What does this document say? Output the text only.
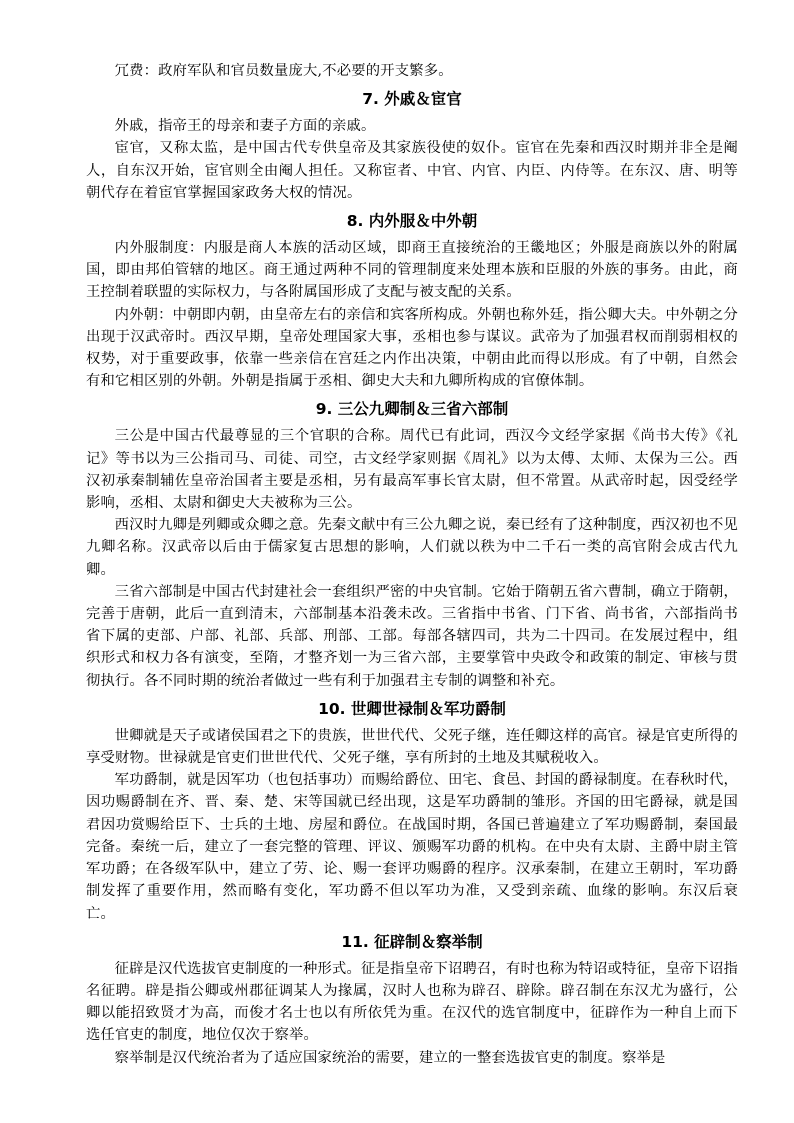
冗费：政府军队和官员数量庞大,不必要的开支繁多。

7. 外戚＆宦官

外戚，指帝王的母亲和妻子方面的亲戚。

宦官，又称太监，是中国古代专供皇帝及其家族役使的奴仆。宦官在先秦和西汉时期并非全是阉人，自东汉开始，宦官则全由阉人担任。又称宦者、中官、内官、内臣、内侍等。在东汉、唐、明等朝代存在着宦官掌握国家政务大权的情况。

8. 内外服＆中外朝

内外服制度：内服是商人本族的活动区域，即商王直接统治的王畿地区；外服是商族以外的附属国，即由邦伯管辖的地区。商王通过两种不同的管理制度来处理本族和臣服的外族的事务。由此，商王控制着联盟的实际权力，与各附属国形成了支配与被支配的关系。

内外朝：中朝即内朝，由皇帝左右的亲信和宾客所构成。外朝也称外廷，指公卿大夫。中外朝之分出现于汉武帝时。西汉早期，皇帝处理国家大事，丞相也参与谋议。武帝为了加强君权而削弱相权的权势，对于重要政事，依靠一些亲信在宫廷之内作出决策，中朝由此而得以形成。有了中朝，自然会有和它相区别的外朝。外朝是指属于丞相、御史大夫和九卿所构成的官僚体制。

9. 三公九卿制＆三省六部制

三公是中国古代最尊显的三个官职的合称。周代已有此词，西汉今文经学家据《尚书大传》《礼记》等书以为三公指司马、司徒、司空，古文经学家则据《周礼》以为太傅、太师、太保为三公。西汉初承秦制辅佐皇帝治国者主要是丞相，另有最高军事长官太尉，但不常置。从武帝时起，因受经学影响，丞相、太尉和御史大夫被称为三公。

西汉时九卿是列卿或众卿之意。先秦文献中有三公九卿之说，秦已经有了这种制度，西汉初也不见九卿名称。汉武帝以后由于儒家复古思想的影响，人们就以秩为中二千石一类的高官附会成古代九卿。

三省六部制是中国古代封建社会一套组织严密的中央官制。它始于隋朝五省六曹制，确立于隋朝，完善于唐朝，此后一直到清末，六部制基本沿袭未改。三省指中书省、门下省、尚书省，六部指尚书省下属的吏部、户部、礼部、兵部、刑部、工部。每部各辖四司，共为二十四司。在发展过程中，组织形式和权力各有演变，至隋，才整齐划一为三省六部，主要掌管中央政令和政策的制定、审核与贯彻执行。各不同时期的统治者做过一些有利于加强君主专制的调整和补充。

10. 世卿世禄制＆军功爵制

世卿就是天子或诸侯国君之下的贵族，世世代代、父死子继，连任卿这样的高官。禄是官吏所得的享受财物。世禄就是官吏们世世代代、父死子继，享有所封的土地及其赋税收入。

军功爵制，就是因军功（也包括事功）而赐给爵位、田宅、食邑、封国的爵禄制度。在春秋时代，因功赐爵制在齐、晋、秦、楚、宋等国就已经出现，这是军功爵制的雏形。齐国的田宅爵禄，就是国君因功赏赐给臣下、士兵的土地、房屋和爵位。在战国时期，各国已普遍建立了军功赐爵制，秦国最完备。秦统一后，建立了一套完整的管理、评议、颁赐军功爵的机构。在中央有太尉、主爵中尉主管军功爵；在各级军队中，建立了劳、论、赐一套评功赐爵的程序。汉承秦制，在建立王朝时，军功爵制发挥了重要作用，然而略有变化，军功爵不但以军功为准，又受到亲疏、血缘的影响。东汉后衰亡。

11. 征辟制＆察举制

征辟是汉代选拔官吏制度的一种形式。征是指皇帝下诏聘召，有时也称为特诏或特征，皇帝下诏指名征聘。辟是指公卿或州郡征调某人为掾属，汉时人也称为辟召、辟除。辟召制在东汉尤为盛行，公卿以能招致贤才为高，而俊才名士也以有所依凭为重。在汉代的选官制度中，征辟作为一种自上而下选任官吏的制度，地位仅次于察举。

察举制是汉代统治者为了适应国家统治的需要，建立的一整套选拔官吏的制度。察举是
